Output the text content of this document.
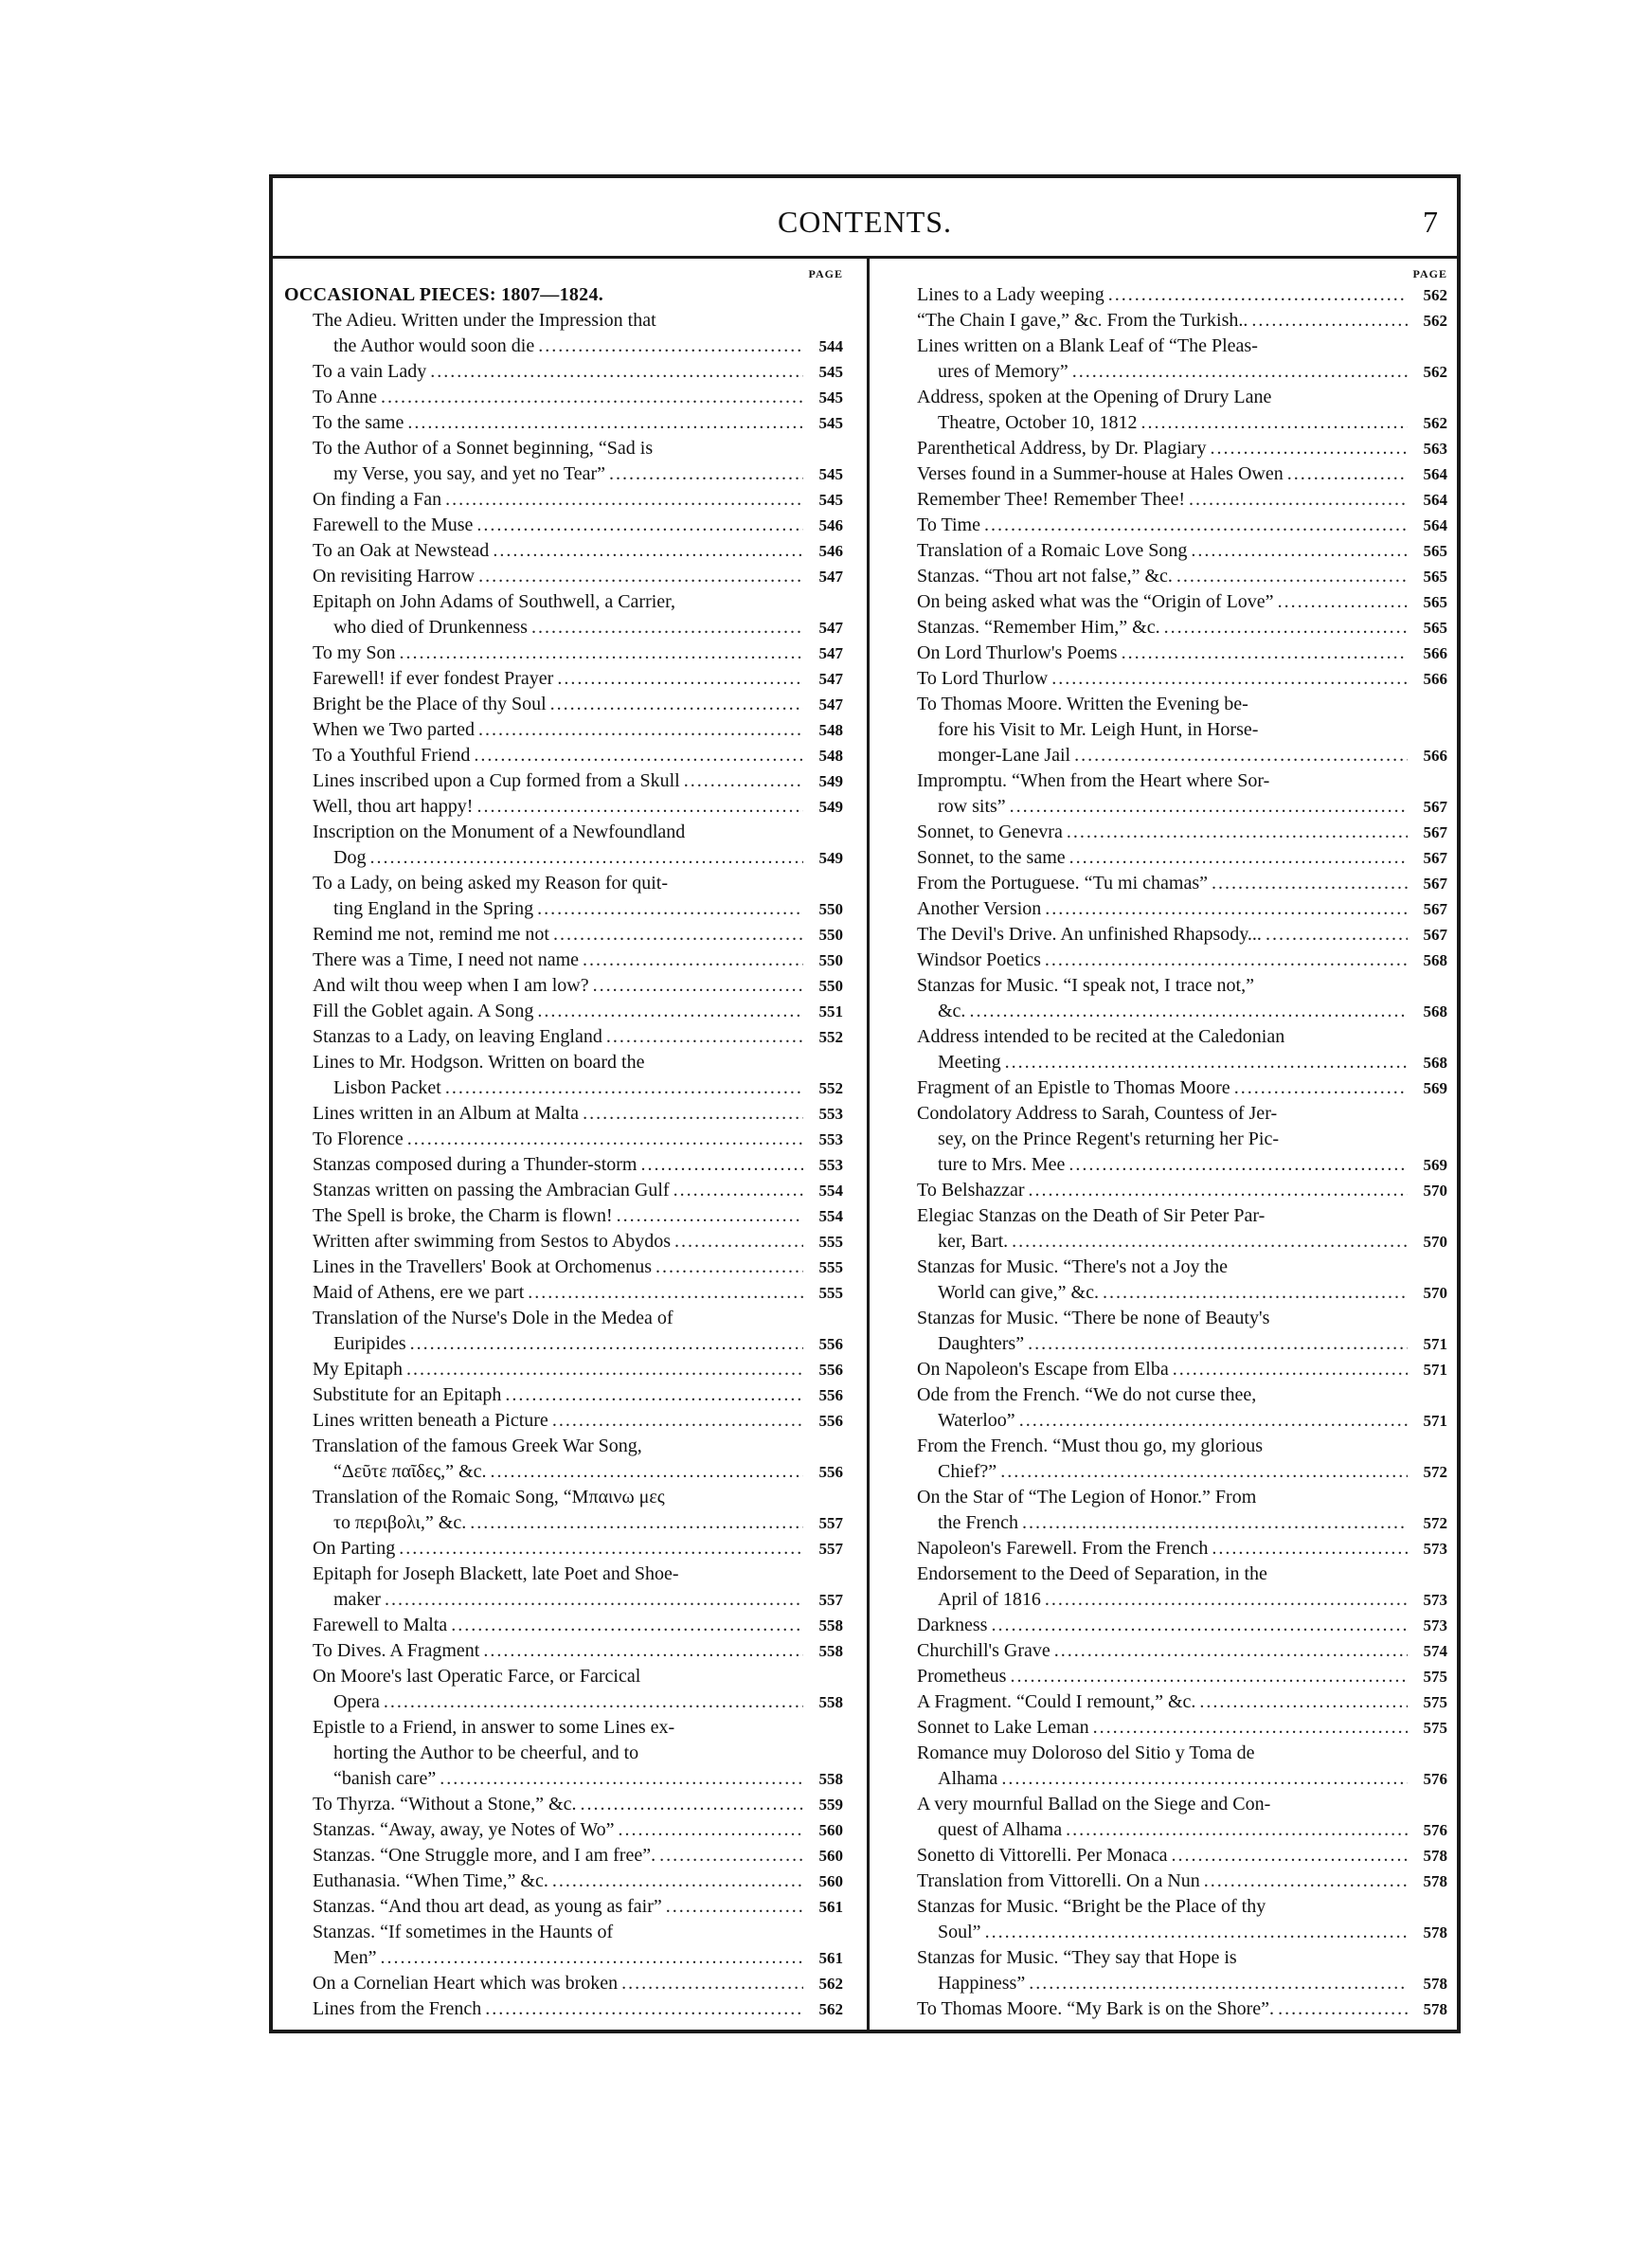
CONTENTS.	7
PAGE
OCCASIONAL PIECES: 1807—1824.
The Adieu. Written under the Impression that
the Author would soon die .....	544
To a vain Lady .....	545
To Anne .....	545
To the same .....	545
To the Author of a Sonnet beginning, “Sad is
my Verse, you say, and yet no Tear” .....	545
On finding a Fan .....	545
Farewell to the Muse .....	546
To an Oak at Newstead .....	546
On revisiting Harrow .....	547
Epitaph on John Adams of Southwell, a Carrier,
who died of Drunkenness .....	547
To my Son .....	547
Farewell! if ever fondest Prayer .....	547
Bright be the Place of thy Soul .....	547
When we Two parted .....	548
To a Youthful Friend .....	548
Lines inscribed upon a Cup formed from a Skull .....	549
Well, thou art happy! .....	549
Inscription on the Monument of a Newfoundland
Dog .....	549
To a Lady, on being asked my Reason for quit-
ting England in the Spring .....	550
Remind me not, remind me not .....	550
There was a Time, I need not name .....	550
And wilt thou weep when I am low? .....	550
Fill the Goblet again. A Song .....	551
Stanzas to a Lady, on leaving England .....	552
Lines to Mr. Hodgson. Written on board the
Lisbon Packet .....	552
Lines written in an Album at Malta .....	553
To Florence .....	553
Stanzas composed during a Thunder-storm .....	553
Stanzas written on passing the Ambracian Gulf .....	554
The Spell is broke, the Charm is flown! .....	554
Written after swimming from Sestos to Abydos .....	555
Lines in the Travellers' Book at Orchomenus .....	555
Maid of Athens, ere we part .....	555
Translation of the Nurse's Dole in the Medea of
Euripides .....	556
My Epitaph .....	556
Substitute for an Epitaph .....	556
Lines written beneath a Picture .....	556
Translation of the famous Greek War Song,
“Δεῦτε παῖδες,” &c. .....	556
Translation of the Romaic Song, “Μπαινω μες
το περιβολι,” &c. .....	557
On Parting .....	557
Epitaph for Joseph Blackett, late Poet and Shoe-
maker .....	557
Farewell to Malta .....	558
To Dives. A Fragment .....	558
On Moore's last Operatic Farce, or Farcical
Opera .....	558
Epistle to a Friend, in answer to some Lines ex-
horting the Author to be cheerful, and to
“banish care” .....	558
To Thyrza. “Without a Stone,” &c. .....	559
Stanzas. “Away, away, ye Notes of Wo” .....	560
Stanzas. “One Struggle more, and I am free”. .....	560
Euthanasia. “When Time,” &c. .....	560
Stanzas. “And thou art dead, as young as fair” .....	561
Stanzas. “If sometimes in the Haunts of
Men” .....	561
On a Cornelian Heart which was broken .....	562
Lines from the French .....	562
PAGE
Lines to a Lady weeping .....	562
“The Chain I gave,” &c. From the Turkish.. .....	562
Lines written on a Blank Leaf of “The Pleas-
ures of Memory” .....	562
Address, spoken at the Opening of Drury Lane
Theatre, October 10, 1812 .....	562
Parenthetical Address, by Dr. Plagiary .....	563
Verses found in a Summer-house at Hales Owen .....	564
Remember Thee! Remember Thee! .....	564
To Time .....	564
Translation of a Romaic Love Song .....	565
Stanzas. “Thou art not false,” &c. .....	565
On being asked what was the “Origin of Love” .....	565
Stanzas. “Remember Him,” &c. .....	565
On Lord Thurlow's Poems .....	566
To Lord Thurlow .....	566
To Thomas Moore. Written the Evening be-
fore his Visit to Mr. Leigh Hunt, in Horse-
monger-Lane Jail .....	566
Impromptu. “When from the Heart where Sor-
row sits” .....	567
Sonnet, to Genevra .....	567
Sonnet, to the same .....	567
From the Portuguese. “Tu mi chamas” .....	567
Another Version .....	567
The Devil's Drive. An unfinished Rhapsody... .....	567
Windsor Poetics .....	568
Stanzas for Music. “I speak not, I trace not,”
&c. .....	568
Address intended to be recited at the Caledonian
Meeting .....	568
Fragment of an Epistle to Thomas Moore .....	569
Condolatory Address to Sarah, Countess of Jer-
sey, on the Prince Regent's returning her Pic-
ture to Mrs. Mee .....	569
To Belshazzar .....	570
Elegiac Stanzas on the Death of Sir Peter Par-
ker, Bart. .....	570
Stanzas for Music. “There's not a Joy the
World can give,” &c. .....	570
Stanzas for Music. “There be none of Beauty's
Daughters” .....	571
On Napoleon's Escape from Elba .....	571
Ode from the French. “We do not curse thee,
Waterloo” .....	571
From the French. “Must thou go, my glorious
Chief?” .....	572
On the Star of “The Legion of Honor.” From
the French .....	572
Napoleon's Farewell. From the French .....	573
Endorsement to the Deed of Separation, in the
April of 1816 .....	573
Darkness .....	573
Churchill's Grave .....	574
Prometheus .....	575
A Fragment. “Could I remount,” &c. .....	575
Sonnet to Lake Leman .....	575
Romance muy Doloroso del Sitio y Toma de
Alhama .....	576
A very mournful Ballad on the Siege and Con-
quest of Alhama .....	576
Sonetto di Vittorelli. Per Monaca .....	578
Translation from Vittorelli. On a Nun .....	578
Stanzas for Music. “Bright be the Place of thy
Soul” .....	578
Stanzas for Music. “They say that Hope is
Happiness” .....	578
To Thomas Moore. “My Bark is on the Shore”. .....	578
